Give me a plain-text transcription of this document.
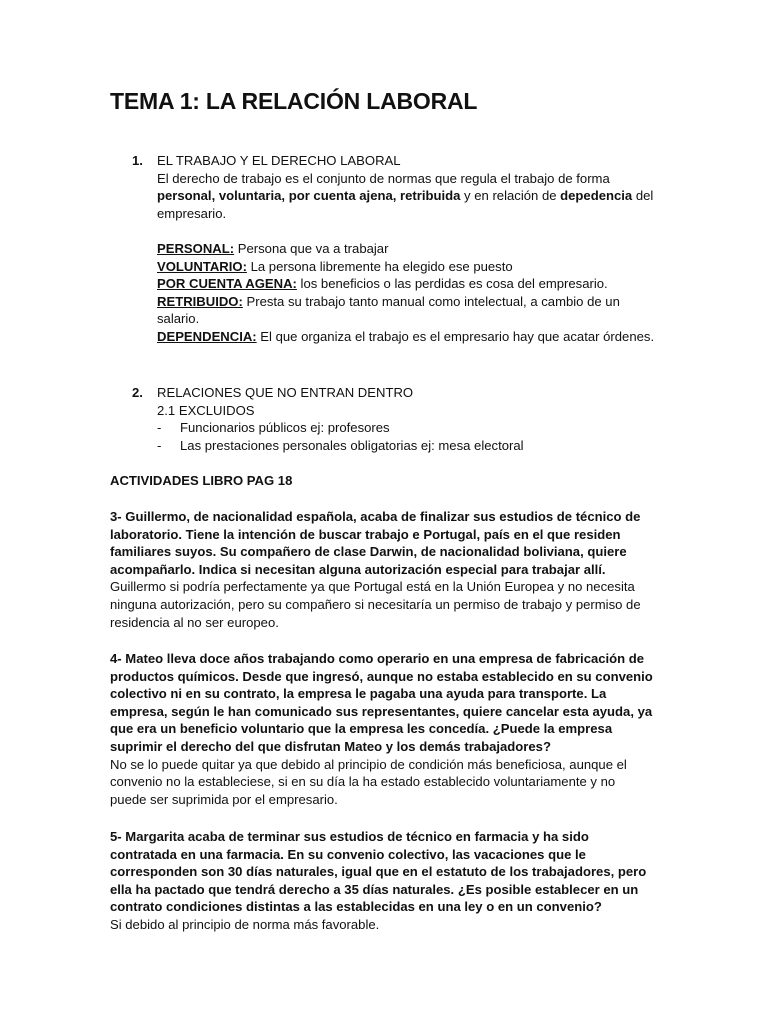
TEMA 1: LA RELACIÓN LABORAL
1. EL TRABAJO Y EL DERECHO LABORAL
El derecho de trabajo es el conjunto de normas que regula el trabajo de forma personal, voluntaria, por cuenta ajena, retribuida y en relación de depedencia del empresario.
PERSONAL: Persona que va a trabajar
VOLUNTARIO: La persona libremente ha elegido ese puesto
POR CUENTA AGENA: los beneficios o las perdidas es cosa del empresario.
RETRIBUIDO: Presta su trabajo tanto manual como intelectual, a cambio de un salario.
DEPENDENCIA: El que organiza el trabajo es el empresario hay que acatar órdenes.
2. RELACIONES QUE NO ENTRAN DENTRO
2.1 EXCLUIDOS
- Funcionarios públicos ej: profesores
- Las prestaciones personales obligatorias ej: mesa electoral
ACTIVIDADES LIBRO PAG 18
3- Guillermo, de nacionalidad española, acaba de finalizar sus estudios de técnico de laboratorio. Tiene la intención de buscar trabajo e Portugal, país en el que residen familiares suyos. Su compañero de clase Darwin, de nacionalidad boliviana, quiere acompañarlo. Indica si necesitan alguna autorización especial para trabajar allí.
Guillermo si podría perfectamente ya que Portugal está en la Unión Europea y no necesita ninguna autorización, pero su compañero si necesitaría un permiso de trabajo y permiso de residencia al no ser europeo.
4- Mateo lleva doce años trabajando como operario en una empresa de fabricación de productos químicos. Desde que ingresó, aunque no estaba establecido en su convenio colectivo ni en su contrato, la empresa le pagaba una ayuda para transporte. La empresa, según le han comunicado sus representantes, quiere cancelar esta ayuda, ya que era un beneficio voluntario que la empresa les concedía. ¿Puede la empresa suprimir el derecho del que disfrutan Mateo y los demás trabajadores?
No se lo puede quitar ya que debido al principio de condición más beneficiosa, aunque el convenio no la estableciese, si en su día la ha estado establecido voluntariamente y no puede ser suprimida por el empresario.
5- Margarita acaba de terminar sus estudios de técnico en farmacia y ha sido contratada en una farmacia. En su convenio colectivo, las vacaciones que le corresponden son 30 días naturales, igual que en el estatuto de los trabajadores, pero ella ha pactado que tendrá derecho a 35 días naturales. ¿Es posible establecer en un contrato condiciones distintas a las establecidas en una ley o en un convenio?
Si debido al principio de norma más favorable.
